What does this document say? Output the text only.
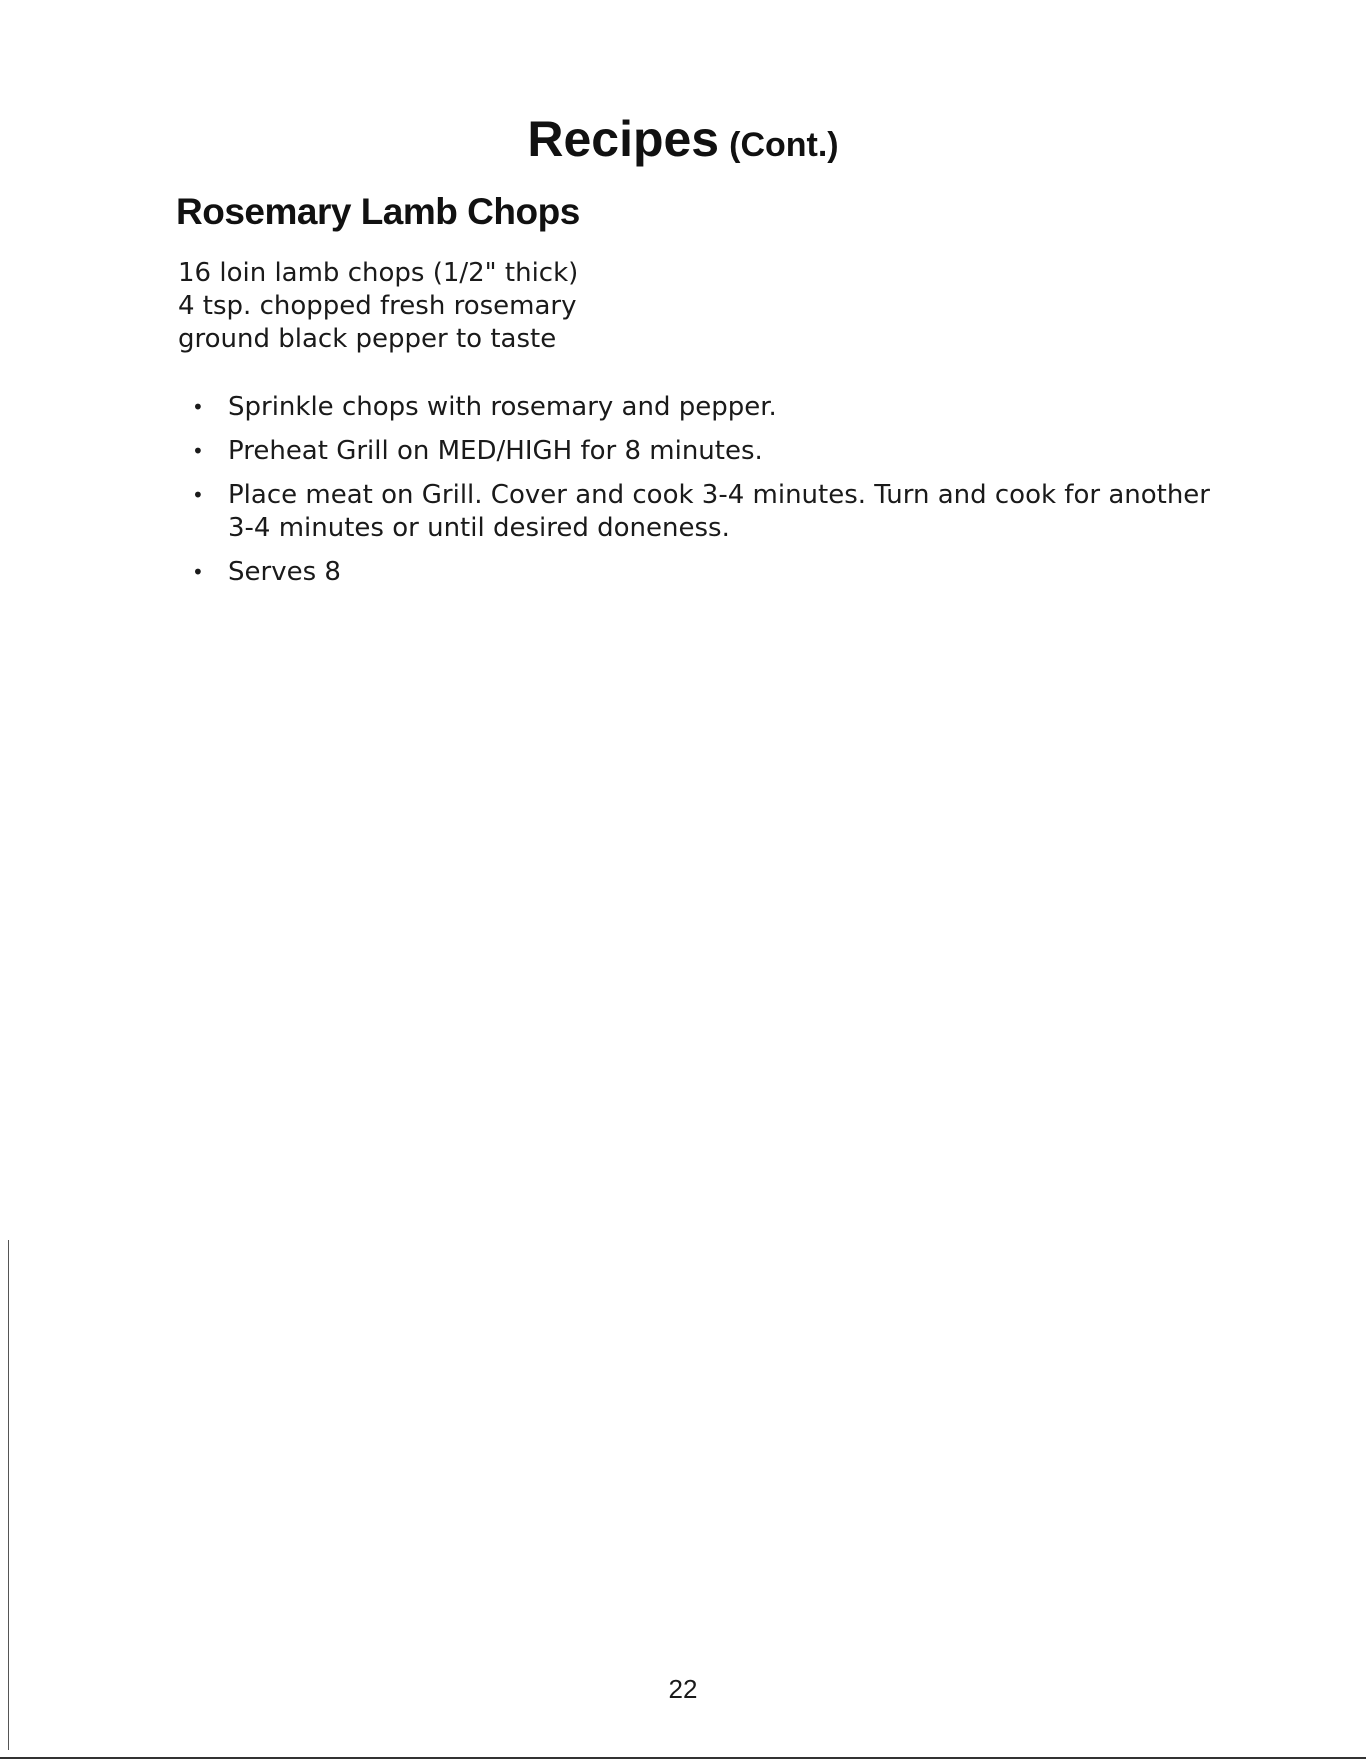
Recipes (Cont.)
Rosemary Lamb Chops
16 loin lamb chops (1/2" thick)
4 tsp. chopped fresh rosemary
ground black pepper to taste
• Sprinkle chops with rosemary and pepper.
• Preheat Grill on MED/HIGH for 8 minutes.
• Place meat on Grill. Cover and cook 3-4 minutes. Turn and cook for another 3-4 minutes or until desired doneness.
• Serves 8
22
